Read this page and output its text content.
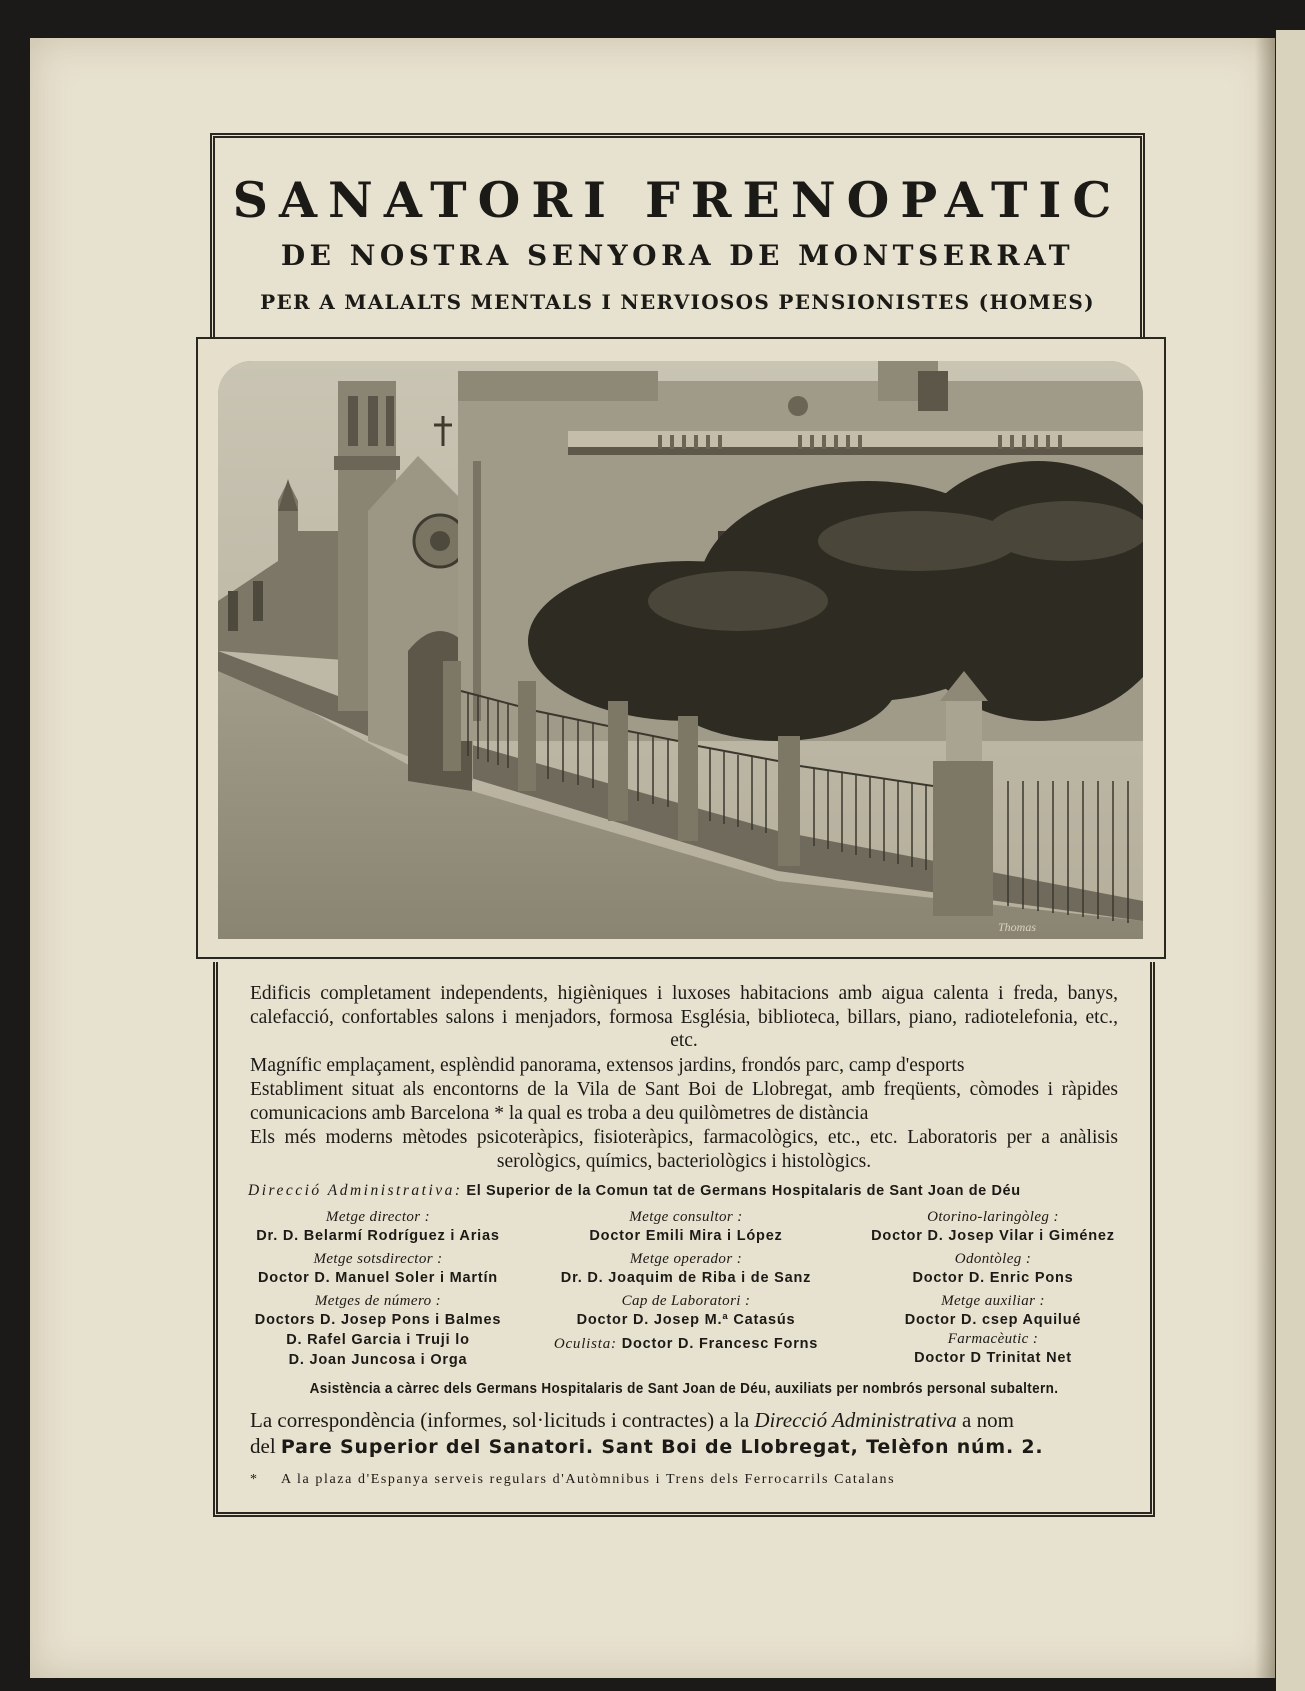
SANATORI FRENOPATIC
DE NOSTRA SENYORA DE MONTSERRAT
PER A MALALTS MENTALS I NERVIOSOS PENSIONISTES (HOMES)
Thomas
Edificis completament independents, higièniques i luxoses habitacions amb aigua calenta i freda, banys, calefacció, confortables salons i menjadors, formosa Església, biblioteca, billars, piano, radiotelefonia, etc., etc.
Magnífic emplaçament, esplèndid panorama, extensos jardins, frondós parc, camp d'esports
Establiment situat als encontorns de la Vila de Sant Boi de Llobregat, amb freqüents, còmodes i ràpides comunicacions amb Barcelona * la qual es troba a deu quilòmetres de distància
Els més moderns mètodes psicoteràpics, fisioteràpics, farmacològics, etc., etc. Laboratoris per a anàlisis serològics, químics, bacteriològics i histològics.
Direcció Administrativa: El Superior de la Comun tat de Germans Hospitalaris de Sant Joan de Déu
Metge director :
Dr. D. Belarmí Rodríguez i Arias
Metge sotsdirector :
Doctor D. Manuel Soler i Martín
Metges de número :
Doctors D. Josep Pons i Balmes
D. Rafel Garcia i Truji lo
D. Joan Juncosa i Orga
Metge consultor :
Doctor Emili Mira i López
Metge operador :
Dr. D. Joaquim de Riba i de Sanz
Cap de Laboratori :
Doctor D. Josep M.ª Catasús
Oculista: Doctor D. Francesc Forns
Otorino-laringòleg :
Doctor D. Josep Vilar i Giménez
Odontòleg :
Doctor D. Enric Pons
Metge auxiliar :
Doctor D. csep Aquilué
Farmacèutic :
Doctor D Trinitat Net
Asistència a càrrec dels Germans Hospitalaris de Sant Joan de Déu, auxiliats per nombrós personal subaltern.
La correspondència (informes, sol·licituds i contractes) a la Direcció Administrativa a nom
del Pare Superior del Sanatori. Sant Boi de Llobregat, Telèfon núm. 2.
* A la plaza d'Espanya serveis regulars d'Autòmnibus i Trens dels Ferrocarrils Catalans
